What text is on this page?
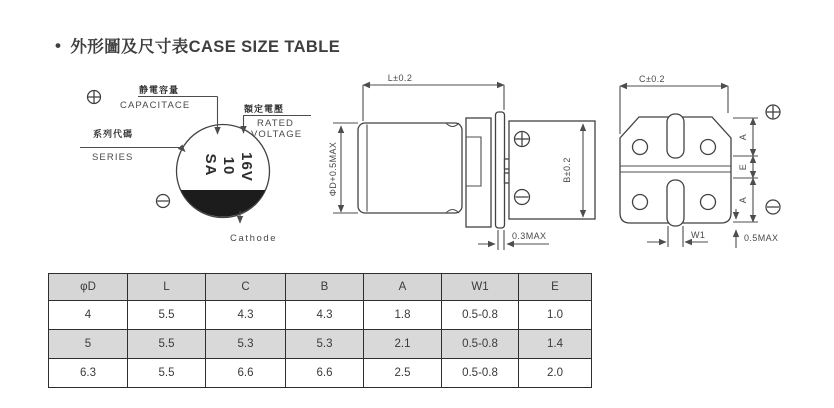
• 外形圖及尺寸表CASE SIZE TABLE
SA 10 16V
静電容量
CAPACITACE	額定電壓
RATED
VOLTAGE
系列代碼
SERIES
Cathode
L±0.2
ΦD+0.5MAX
0.3MAX
B±0.2
C±0.2
A
E
A
W1	0.5MAX
φD	L	C	B	A	W1	E
4	5.5	4.3	4.3	1.8	0.5-0.8	1.0
5	5.5	5.3	5.3	2.1	0.5-0.8	1.4
6.3	5.5	6.6	6.6	2.5	0.5-0.8	2.0
